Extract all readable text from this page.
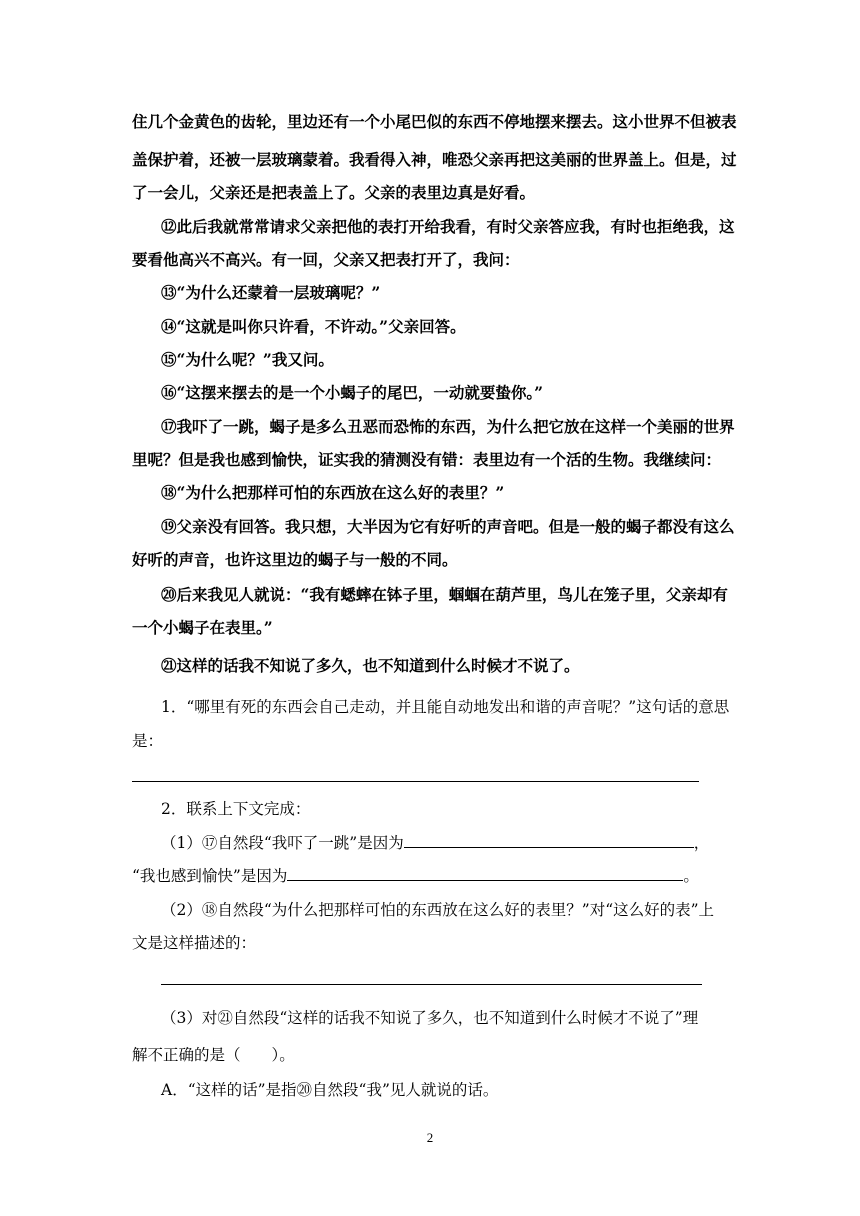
住几个金黄色的齿轮，里边还有一个小尾巴似的东西不停地摆来摆去。这小世界不但被表
盖保护着，还被一层玻璃蒙着。我看得入神，唯恐父亲再把这美丽的世界盖上。但是，过
了一会儿，父亲还是把表盖上了。父亲的表里边真是好看。
⑫此后我就常常请求父亲把他的表打开给我看，有时父亲答应我，有时也拒绝我，这
要看他高兴不高兴。有一回，父亲又把表打开了，我问：
⑬“为什么还蒙着一层玻璃呢？”
⑭“这就是叫你只许看，不许动。”父亲回答。
⑮“为什么呢？”我又问。
⑯“这摆来摆去的是一个小蝎子的尾巴，一动就要蛰你。”
⑰我吓了一跳，蝎子是多么丑恶而恐怖的东西，为什么把它放在这样一个美丽的世界
里呢？但是我也感到愉快，证实我的猜测没有错：表里边有一个活的生物。我继续问：
⑱“为什么把那样可怕的东西放在这么好的表里？”
⑲父亲没有回答。我只想，大半因为它有好听的声音吧。但是一般的蝎子都没有这么
好听的声音，也许这里边的蝎子与一般的不同。
⑳后来我见人就说：“我有蟋蟀在钵子里，蝈蝈在葫芦里，鸟儿在笼子里，父亲却有
一个小蝎子在表里。”
㉑这样的话我不知说了多久，也不知道到什么时候才不说了。
1．“哪里有死的东西会自己走动，并且能自动地发出和谐的声音呢？”这句话的意思
是：
2．联系上下文完成：
（1）⑰自然段“我吓了一跳”是因为	，
“我也感到愉快”是因为	。
（2）⑱自然段“为什么把那样可怕的东西放在这么好的表里？”对“这么好的表”上
文是这样描述的：
（3）对㉑自然段“这样的话我不知说了多久，也不知道到什么时候才不说了”理
解不正确的是（　　）。
A．“这样的话”是指⑳自然段“我”见人就说的话。
2
